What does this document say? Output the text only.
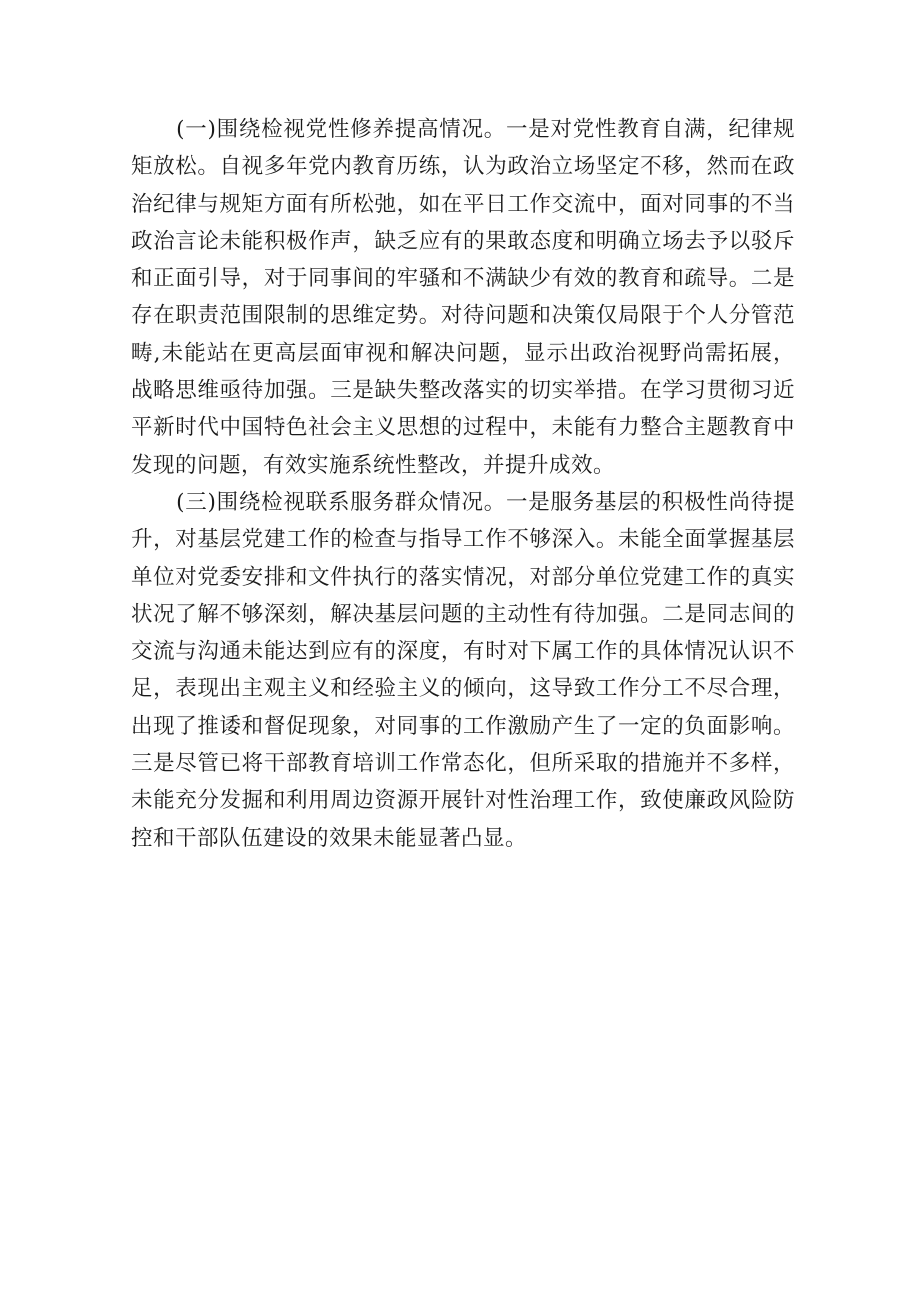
(一)围绕检视党性修养提高情况。一是对党性教育自满，纪律规矩放松。自视多年党内教育历练，认为政治立场坚定不移，然而在政治纪律与规矩方面有所松弛，如在平日工作交流中，面对同事的不当政治言论未能积极作声，缺乏应有的果敢态度和明确立场去予以驳斥和正面引导，对于同事间的牢骚和不满缺少有效的教育和疏导。二是存在职责范围限制的思维定势。对待问题和决策仅局限于个人分管范畴,未能站在更高层面审视和解决问题，显示出政治视野尚需拓展，战略思维亟待加强。三是缺失整改落实的切实举措。在学习贯彻习近平新时代中国特色社会主义思想的过程中，未能有力整合主题教育中发现的问题，有效实施系统性整改，并提升成效。

(三)围绕检视联系服务群众情况。一是服务基层的积极性尚待提升，对基层党建工作的检查与指导工作不够深入。未能全面掌握基层单位对党委安排和文件执行的落实情况，对部分单位党建工作的真实状况了解不够深刻，解决基层问题的主动性有待加强。二是同志间的交流与沟通未能达到应有的深度，有时对下属工作的具体情况认识不足，表现出主观主义和经验主义的倾向，这导致工作分工不尽合理，出现了推诿和督促现象，对同事的工作激励产生了一定的负面影响。三是尽管已将干部教育培训工作常态化，但所采取的措施并不多样，未能充分发掘和利用周边资源开展针对性治理工作，致使廉政风险防控和干部队伍建设的效果未能显著凸显。
